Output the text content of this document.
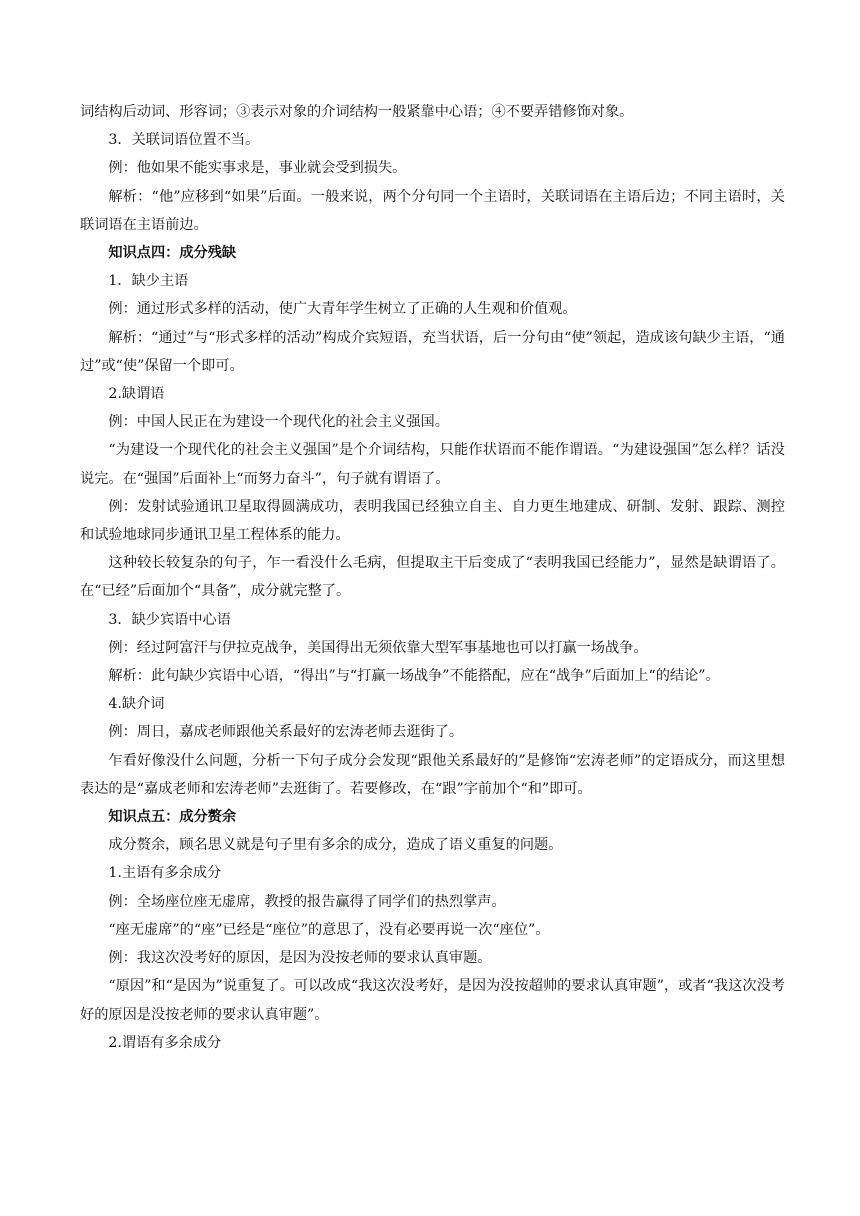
词结构后动词、形容词；③表示对象的介词结构一般紧靠中心语；④不要弄错修饰对象。
3．关联词语位置不当。
例：他如果不能实事求是，事业就会受到损失。
解析：“他”应移到“如果”后面。一般来说，两个分句同一个主语时，关联词语在主语后边；不同主语时，关联词语在主语前边。
知识点四：成分残缺
1．缺少主语
例：通过形式多样的活动，使广大青年学生树立了正确的人生观和价值观。
解析：“通过”与“形式多样的活动”构成介宾短语，充当状语，后一分句由“使”领起，造成该句缺少主语，“通过”或“使”保留一个即可。
2.缺谓语
例：中国人民正在为建设一个现代化的社会主义强国。
“为建设一个现代化的社会主义强国”是个介词结构，只能作状语而不能作谓语。“为建设强国”怎么样？话没说完。在“强国”后面补上“而努力奋斗”，句子就有谓语了。
例：发射试验通讯卫星取得圆满成功，表明我国已经独立自主、自力更生地建成、研制、发射、跟踪、测控和试验地球同步通讯卫星工程体系的能力。
这种较长较复杂的句子，乍一看没什么毛病，但提取主干后变成了“表明我国已经能力”，显然是缺谓语了。在“已经”后面加个“具备”，成分就完整了。
3．缺少宾语中心语
例：经过阿富汗与伊拉克战争，美国得出无须依靠大型军事基地也可以打赢一场战争。
解析：此句缺少宾语中心语，“得出”与“打赢一场战争”不能搭配，应在“战争”后面加上“的结论”。
4.缺介词
例：周日，嘉成老师跟他关系最好的宏涛老师去逛街了。
乍看好像没什么问题，分析一下句子成分会发现“跟他关系最好的”是修饰“宏涛老师”的定语成分，而这里想表达的是“嘉成老师和宏涛老师”去逛街了。若要修改，在“跟”字前加个“和”即可。
知识点五：成分赘余
成分赘余，顾名思义就是句子里有多余的成分，造成了语义重复的问题。
1.主语有多余成分
例：全场座位座无虚席，教授的报告赢得了同学们的热烈掌声。
“座无虚席”的“座”已经是“座位”的意思了，没有必要再说一次“座位”。
例：我这次没考好的原因，是因为没按老师的要求认真审题。
“原因”和“是因为”说重复了。可以改成“我这次没考好，是因为没按超帅的要求认真审题”，或者“我这次没考好的原因是没按老师的要求认真审题”。
2.谓语有多余成分
